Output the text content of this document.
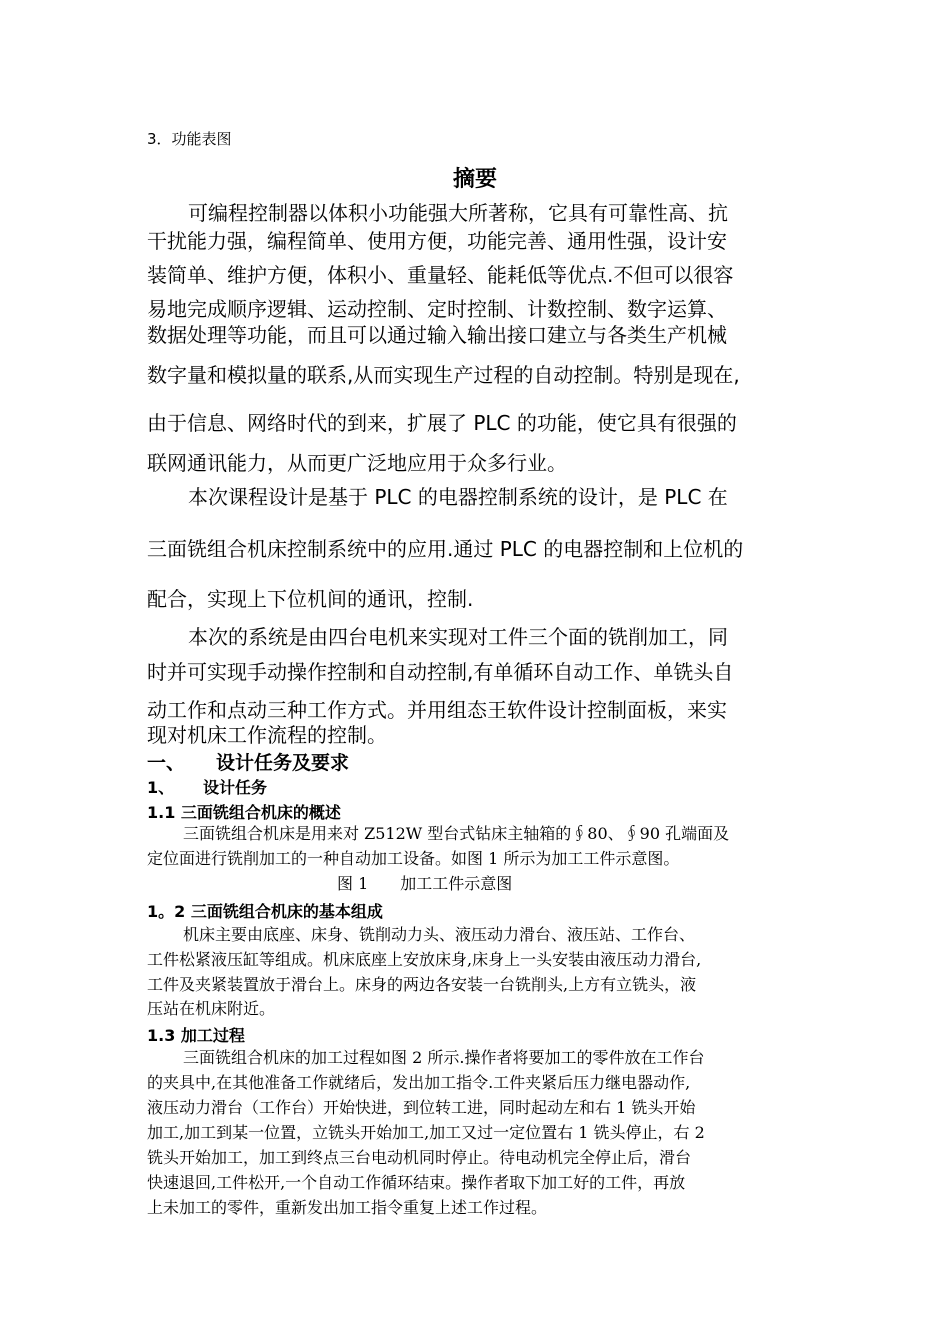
3．功能表图
摘要
可编程控制器以体积小功能强大所著称，它具有可靠性高、抗
干扰能力强，编程简单、使用方便，功能完善、通用性强，设计安
装简单、维护方便，体积小、重量轻、能耗低等优点.不但可以很容
易地完成顺序逻辑、运动控制、定时控制、计数控制、数字运算、
数据处理等功能，而且可以通过输入输出接口建立与各类生产机械
数字量和模拟量的联系,从而实现生产过程的自动控制。特别是现在,
由于信息、网络时代的到来，扩展了 PLC 的功能，使它具有很强的
联网通讯能力，从而更广泛地应用于众多行业。
本次课程设计是基于 PLC 的电器控制系统的设计，是 PLC 在
三面铣组合机床控制系统中的应用.通过 PLC 的电器控制和上位机的
配合，实现上下位机间的通讯，控制.
本次的系统是由四台电机来实现对工件三个面的铣削加工，同
时并可实现手动操作控制和自动控制,有单循环自动工作、单铣头自
动工作和点动三种工作方式。并用组态王软件设计控制面板，来实
现对机床工作流程的控制。
一、 设计任务及要求
1、 设计任务
1.1 三面铣组合机床的概述
三面铣组合机床是用来对 Z512W 型台式钻床主轴箱的∮80、∮90 孔端面及
定位面进行铣削加工的一种自动加工设备。如图 1 所示为加工工件示意图。
图 1　　加工工件示意图
1。2 三面铣组合机床的基本组成
机床主要由底座、床身、铣削动力头、液压动力滑台、液压站、工作台、
工件松紧液压缸等组成。机床底座上安放床身,床身上一头安装由液压动力滑台,
工件及夹紧装置放于滑台上。床身的两边各安装一台铣削头,上方有立铣头，液
压站在机床附近。
1.3 加工过程
三面铣组合机床的加工过程如图 2 所示.操作者将要加工的零件放在工作台
的夹具中,在其他准备工作就绪后，发出加工指令.工件夹紧后压力继电器动作,
液压动力滑台（工作台）开始快进，到位转工进，同时起动左和右 1 铣头开始
加工,加工到某一位置，立铣头开始加工,加工又过一定位置右 1 铣头停止，右 2
铣头开始加工，加工到终点三台电动机同时停止。待电动机完全停止后，滑台
快速退回,工件松开,一个自动工作循环结束。操作者取下加工好的工件，再放
上未加工的零件，重新发出加工指令重复上述工作过程。
